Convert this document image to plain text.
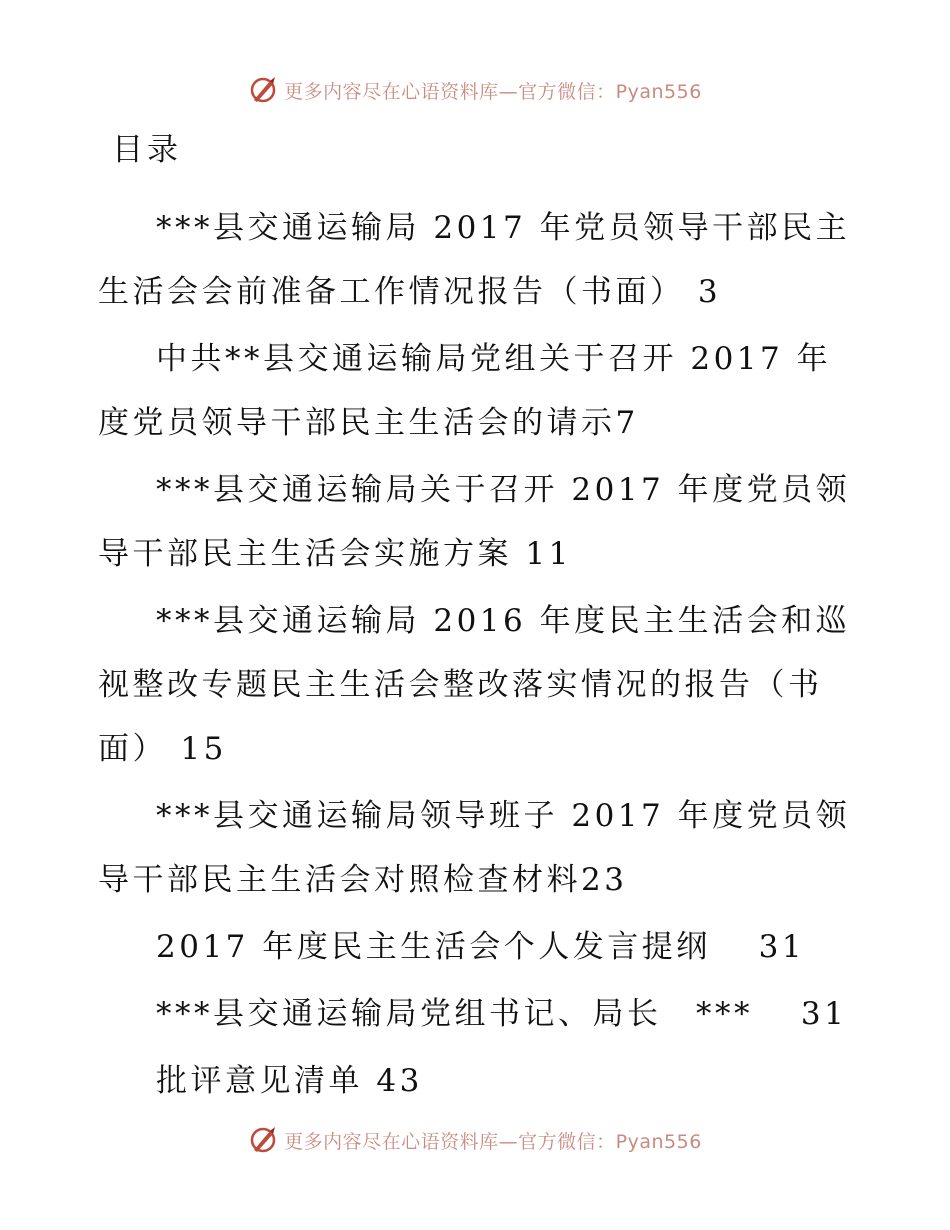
更多内容尽在心语资料库—官方微信：Pyan556
目录
***县交通运输局 2017 年党员领导干部民主生活会会前准备工作情况报告（书面） 3
中共**县交通运输局党组关于召开 2017 年度党员领导干部民主生活会的请示7
***县交通运输局关于召开 2017 年度党员领导干部民主生活会实施方案 11
***县交通运输局 2016 年度民主生活会和巡视整改专题民主生活会整改落实情况的报告（书面） 15
***县交通运输局领导班子 2017 年度党员领导干部民主生活会对照检查材料23
2017 年度民主生活会个人发言提纲　 31
***县交通运输局党组书记、局长　***　 31
批评意见清单 43
更多内容尽在心语资料库—官方微信：Pyan556
